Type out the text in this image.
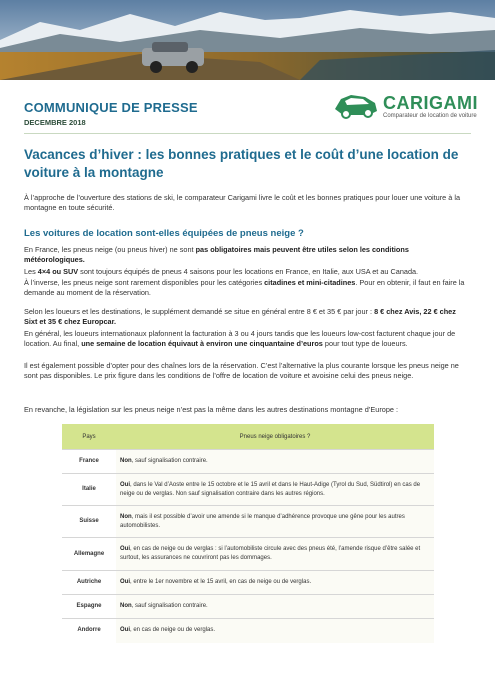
COMMUNIQUE DE PRESSE
DECEMBRE 2018
CARIGAMI
Comparateur de location de voiture
Vacances d’hiver : les bonnes pratiques et le coût d’une location de voiture à la montagne

À l’approche de l’ouverture des stations de ski, le comparateur Carigami livre le coût et les bonnes pratiques pour louer une voiture à la montagne en toute sécurité.

Les voitures de location sont-elles équipées de pneus neige ?

En France, les pneus neige (ou pneus hiver) ne sont pas obligatoires mais peuvent être utiles selon les conditions météorologiques.

Les 4×4 ou SUV sont toujours équipés de pneus 4 saisons pour les locations en France, en Italie, aux USA et au Canada.

À l’inverse, les pneus neige sont rarement disponibles pour les catégories citadines et mini-citadines. Pour en obtenir, il faut en faire la demande au moment de la réservation.

Selon les loueurs et les destinations, le supplément demandé se situe en général entre 8 € et 35 € par jour : 8 € chez Avis, 22 € chez Sixt et 35 € chez Europcar.

En général, les loueurs internationaux plafonnent la facturation à 3 ou 4 jours tandis que les loueurs low-cost facturent chaque jour de location. Au final, une semaine de location équivaut à environ une cinquantaine d’euros pour tout type de loueurs.

Il est également possible d’opter pour des chaînes lors de la réservation. C’est l’alternative la plus courante lorsque les pneus neige ne sont pas disponibles. Le prix figure dans les conditions de l’offre de location de voiture et avoisine celui des pneus neige.

En revanche, la législation sur les pneus neige n’est pas la même dans les autres destinations montagne d’Europe :

Pays	Pneus neige obligatoires ?
France	Non, sauf signalisation contraire.
Italie	Oui, dans le Val d’Aoste entre le 15 octobre et le 15 avril et dans le Haut-Adige (Tyrol du Sud, Südtirol) en cas de neige ou de verglas. Non sauf signalisation contraire dans les autres régions.
Suisse	Non, mais il est possible d’avoir une amende si le manque d’adhérence provoque une gêne pour les autres automobilistes.
Allemagne	Oui, en cas de neige ou de verglas : si l’automobiliste circule avec des pneus été, l’amende risque d’être salée et surtout, les assurances ne couvriront pas les dommages.
Autriche	Oui, entre le 1er novembre et le 15 avril, en cas de neige ou de verglas.
Espagne	Non, sauf signalisation contraire.
Andorre	Oui, en cas de neige ou de verglas.
